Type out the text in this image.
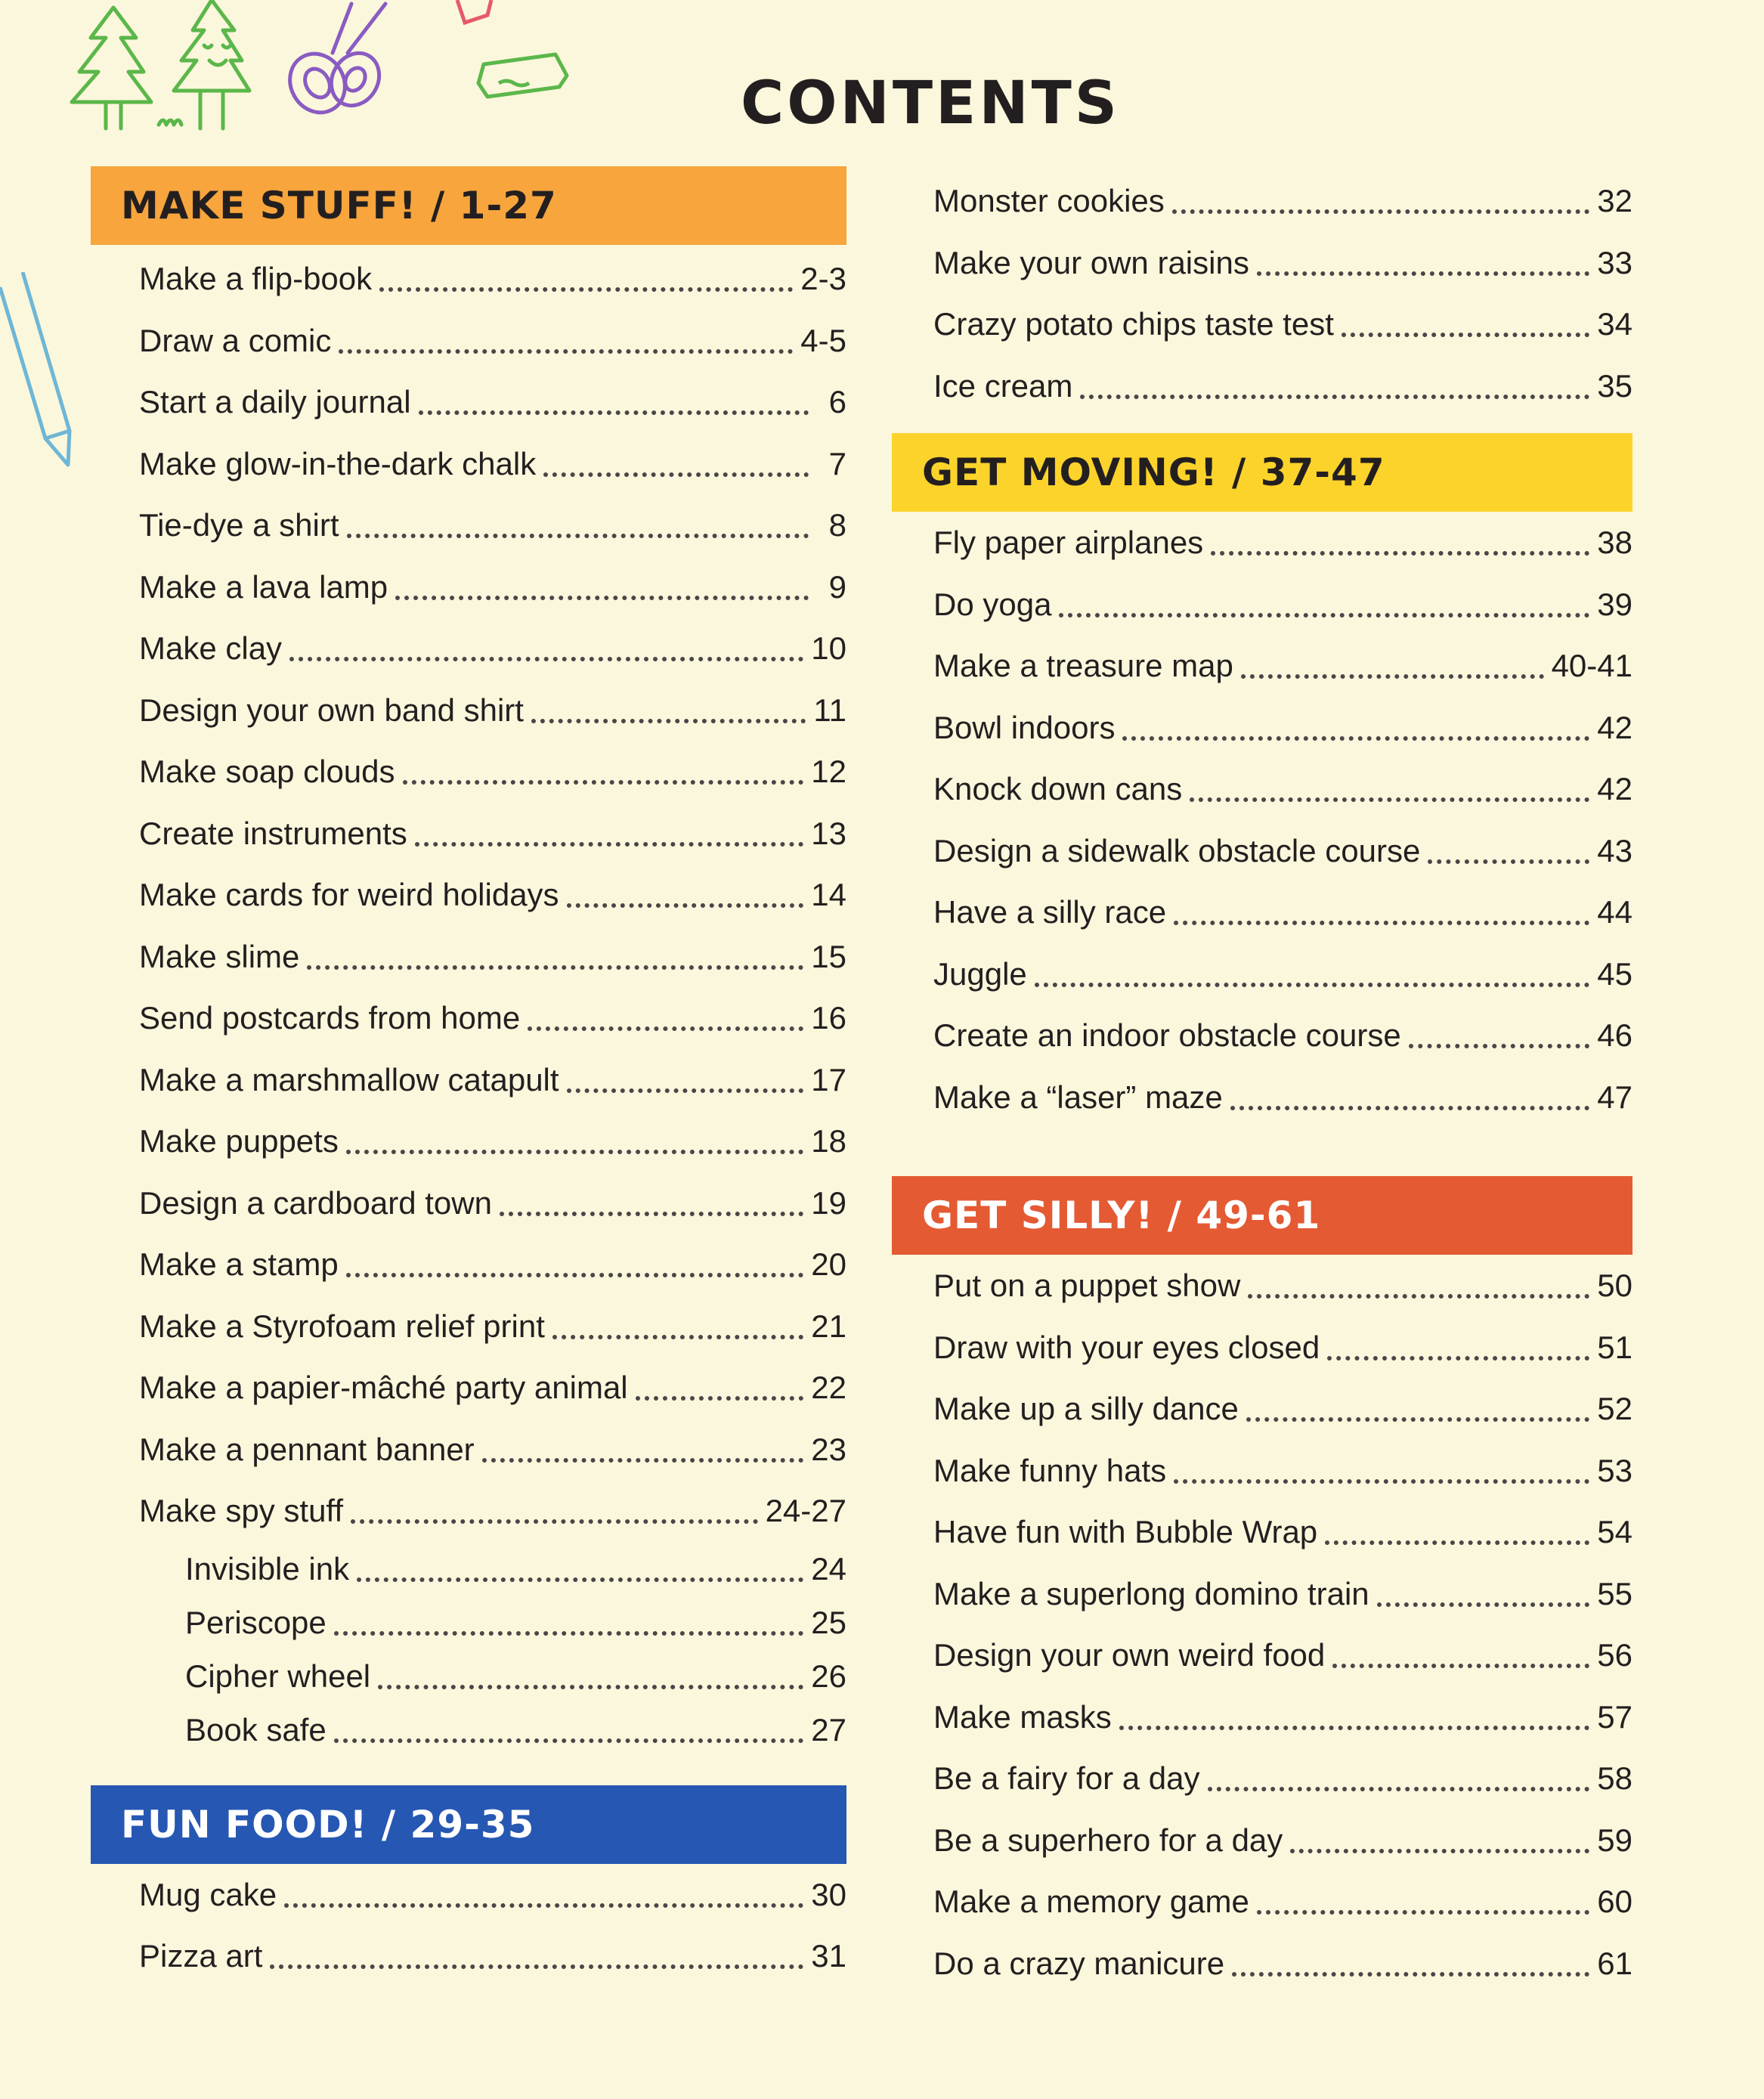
CONTENTS
MAKE STUFF! / 1-27
Make a flip-book	2-3
Draw a comic	4-5
Start a daily journal	6
Make glow-in-the-dark chalk	7
Tie-dye a shirt	8
Make a lava lamp	9
Make clay	10
Design your own band shirt	11
Make soap clouds	12
Create instruments	13
Make cards for weird holidays	14
Make slime	15
Send postcards from home	16
Make a marshmallow catapult	17
Make puppets	18
Design a cardboard town	19
Make a stamp	20
Make a Styrofoam relief print	21
Make a papier-mâché party animal	22
Make a pennant banner	23
Make spy stuff	24-27
Invisible ink	24
Periscope	25
Cipher wheel	26
Book safe	27
FUN FOOD! / 29-35
Mug cake	30
Pizza art	31
Monster cookies	32
Make your own raisins	33
Crazy potato chips taste test	34
Ice cream	35
GET MOVING! / 37-47
Fly paper airplanes	38
Do yoga	39
Make a treasure map	40-41
Bowl indoors	42
Knock down cans	42
Design a sidewalk obstacle course	43
Have a silly race	44
Juggle	45
Create an indoor obstacle course	46
Make a “laser” maze	47
GET SILLY! / 49-61
Put on a puppet show	50
Draw with your eyes closed	51
Make up a silly dance	52
Make funny hats	53
Have fun with Bubble Wrap	54
Make a superlong domino train	55
Design your own weird food	56
Make masks	57
Be a fairy for a day	58
Be a superhero for a day	59
Make a memory game	60
Do a crazy manicure	61
